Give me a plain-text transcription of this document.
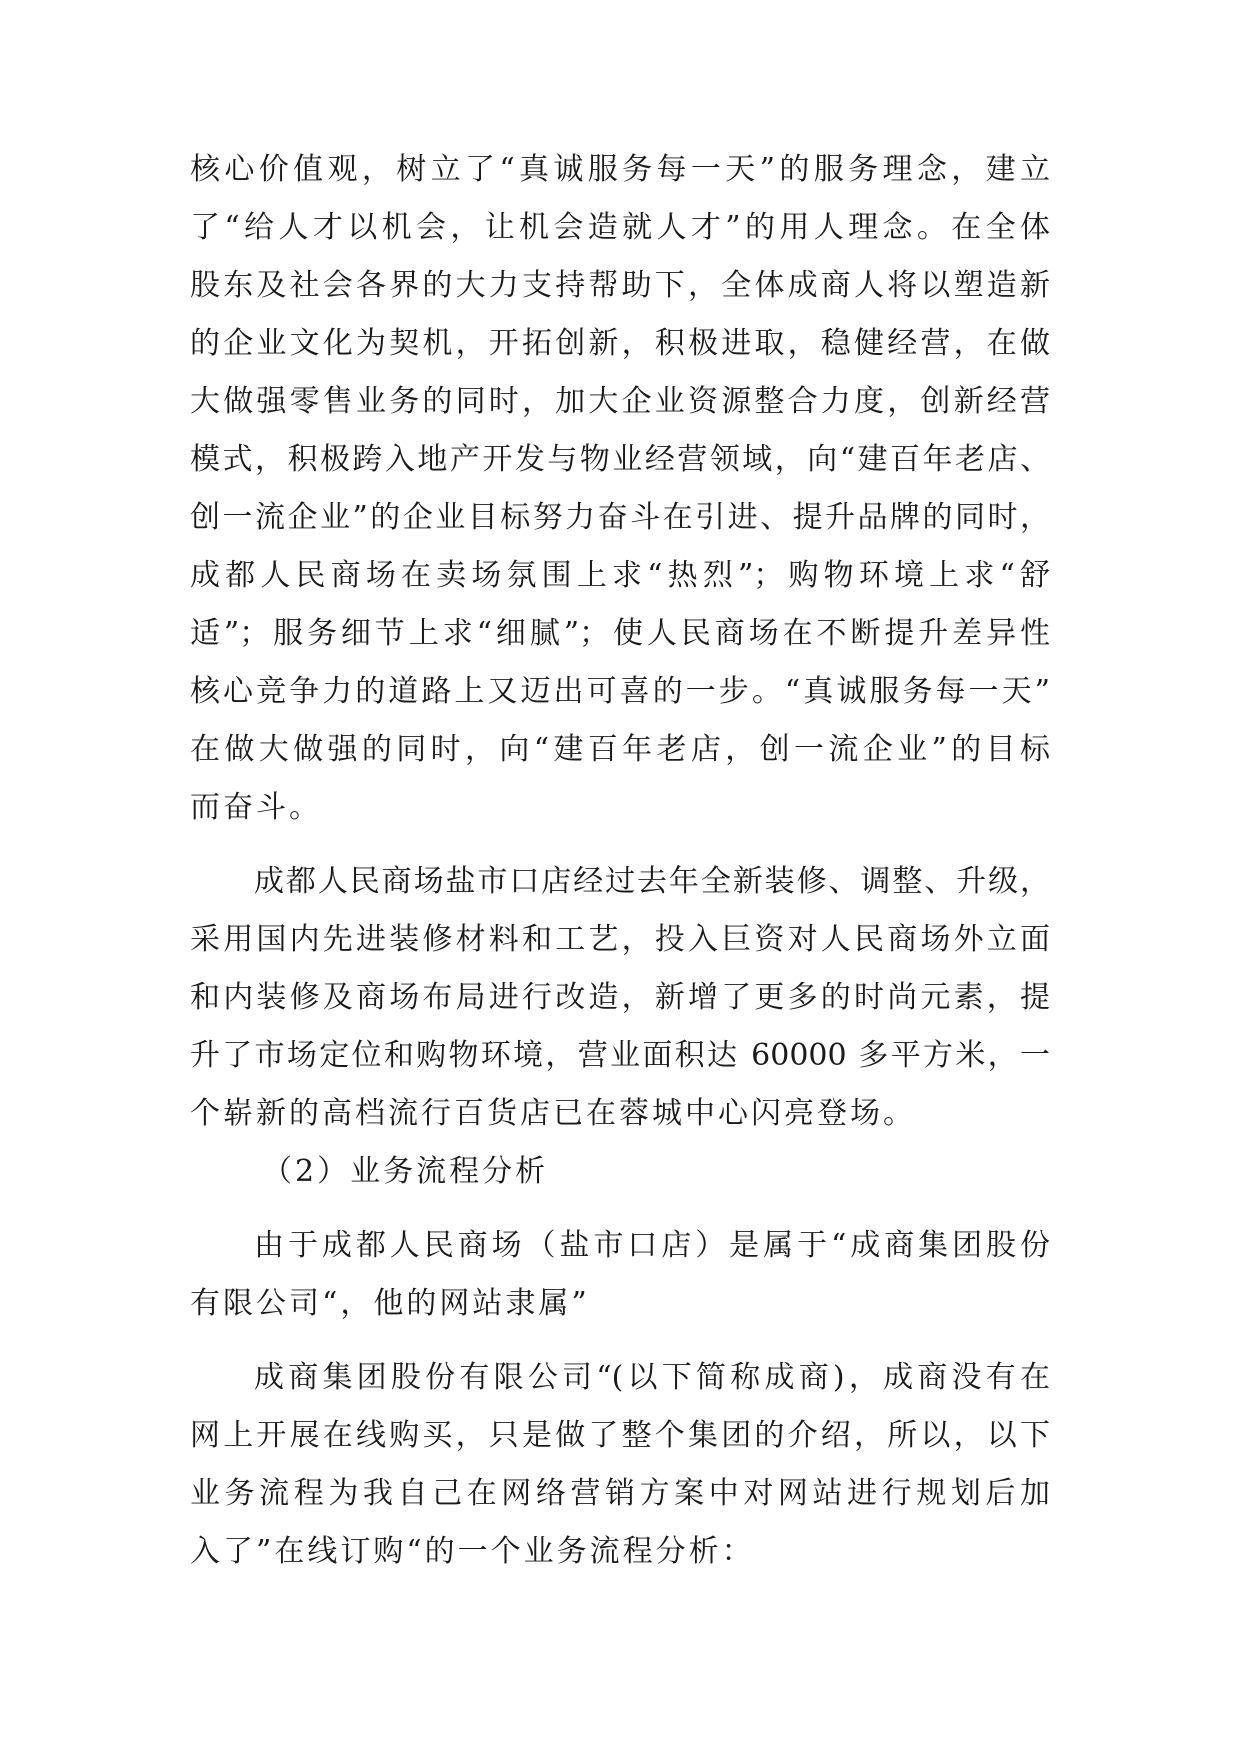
核心价值观，树立了“真诚服务每一天”的服务理念，建立
了“给人才以机会，让机会造就人才”的用人理念。在全体
股东及社会各界的大力支持帮助下，全体成商人将以塑造新
的企业文化为契机，开拓创新，积极进取，稳健经营，在做
大做强零售业务的同时，加大企业资源整合力度，创新经营
模式，积极跨入地产开发与物业经营领域，向“建百年老店、
创一流企业”的企业目标努力奋斗在引进、提升品牌的同时，
成都人民商场在卖场氛围上求“热烈”；购物环境上求“舒
适”；服务细节上求“细腻”；使人民商场在不断提升差异性
核心竞争力的道路上又迈出可喜的一步。“真诚服务每一天”
在做大做强的同时，向“建百年老店，创一流企业”的目标
而奋斗。
成都人民商场盐市口店经过去年全新装修、调整、升级，
采用国内先进装修材料和工艺，投入巨资对人民商场外立面
和内装修及商场布局进行改造，新增了更多的时尚元素，提
升了市场定位和购物环境，营业面积达 60000 多平方米，一
个崭新的高档流行百货店已在蓉城中心闪亮登场。
（2）业务流程分析
由于成都人民商场（盐市口店）是属于“成商集团股份
有限公司“，他的网站隶属”
成商集团股份有限公司“(以下简称成商)，成商没有在
网上开展在线购买，只是做了整个集团的介绍，所以，以下
业务流程为我自己在网络营销方案中对网站进行规划后加
入了”在线订购“的一个业务流程分析：
